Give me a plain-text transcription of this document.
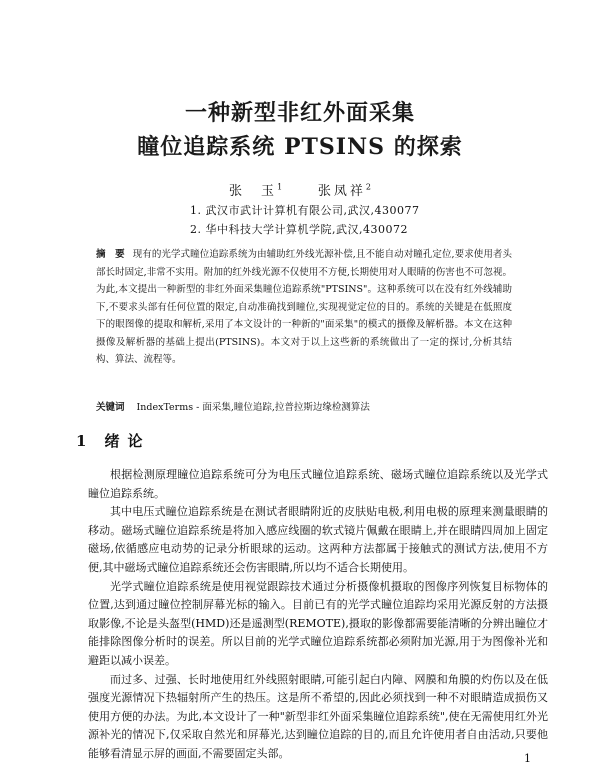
一种新型非红外面采集
瞳位追踪系统 PTSINS 的探索
张　玉$^1$	张凤祥$^2$
1. 武汉市武计计算机有限公司,武汉,430077
2. 华中科技大学计算机学院,武汉,430072
摘　要 现有的光学式瞳位追踪系统为由辅助红外线光源补偿,且不能自动对瞳孔定位,要求使用者头部长时固定,非常不实用。附加的红外线光源不仅使用不方便,长期使用对人眼睛的伤害也不可忽视。为此,本文提出一种新型的非红外面采集瞳位追踪系统"PTSINS"。这种系统可以在没有红外线辅助下,不要求头部有任何位置的限定,自动准确找到瞳位,实现视觉定位的目的。系统的关键是在低照度下的眼图像的提取和解析,采用了本文设计的一种新的"面采集"的模式的摄像及解析器。本文在这种摄像及解析器的基础上提出(PTSINS)。本文对于以上这些新的系统做出了一定的探讨,分析其结构、算法、流程等。
关键词 IndexTerms - 面采集,瞳位追踪,拉普拉斯边缘检测算法
1 绪论

根据检测原理瞳位追踪系统可分为电压式瞳位追踪系统、磁场式瞳位追踪系统以及光学式瞳位追踪系统。

其中电压式瞳位追踪系统是在测试者眼睛附近的皮肤贴电极,利用电极的原理来测量眼睛的移动。磁场式瞳位追踪系统是将加入感应线圈的软式镜片佩戴在眼睛上,并在眼睛四周加上固定磁场,依循感应电动势的记录分析眼球的运动。这两种方法都属于接触式的测试方法,使用不方便,其中磁场式瞳位追踪系统还会伤害眼睛,所以均不适合长期使用。

光学式瞳位追踪系统是使用视觉跟踪技术通过分析摄像机摄取的图像序列恢复目标物体的位置,达到通过瞳位控制屏幕光标的输入。目前已有的光学式瞳位追踪均采用光源反射的方法摄取影像,不论是头盔型(HMD)还是遥测型(REMOTE),摄取的影像都需要能清晰的分辨出瞳位才能排除图像分析时的误差。所以目前的光学式瞳位追踪系统都必须附加光源,用于为图像补光和避距以减小误差。

而过多、过强、长时地使用红外线照射眼睛,可能引起白内障、网膜和角膜的灼伤以及在低强度光源情况下热辐射所产生的热压。这是所不希望的,因此必须找到一种不对眼睛造成损伤又使用方便的办法。为此,本文设计了一种"新型非红外面采集瞳位追踪系统",使在无需使用红外光源补光的情况下,仅采取自然光和屏幕光,达到瞳位追踪的目的,而且允许使用者自由活动,只要他能够看清显示屏的画面,不需要固定头部。	1
